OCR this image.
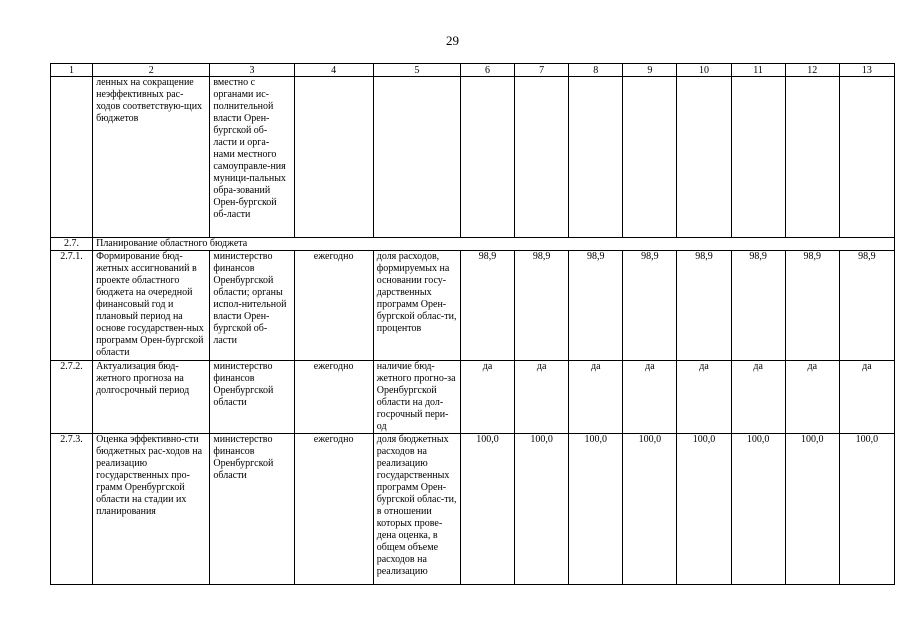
29
1	2	3	4	5	6	7	8	9	10	11	12	13
	ленных на сокращение неэффективных рас-ходов соответствую-щих бюджетов	вместно с органами ис-полнительной власти Орен-бургской об-ласти и орга-нами местного самоуправле-ния муници-пальных обра-зований Орен-бургской об-ласти										
2.7.	Планирование областного бюджета											
2.7.1.	Формирование бюд-жетных ассигнований в проекте областного бюджета на очередной финансовый год и плановый период на основе государствен-ных программ Орен-бургской области	министерство финансов Оренбургской области; органы испол-нительной власти Орен-бургской об-ласти	ежегодно	доля расходов, формируемых на основании госу-дарственных программ Орен-бургской облас-ти, процентов	98,9	98,9	98,9	98,9	98,9	98,9	98,9	98,9
2.7.2.	Актуализация бюд-жетного прогноза на долгосрочный период	министерство финансов Оренбургской области	ежегодно	наличие бюд-жетного прогно-за Оренбургской области на дол-госрочный пери-од	да	да	да	да	да	да	да	да
2.7.3.	Оценка эффективно-сти бюджетных рас-ходов на реализацию государственных про-грамм Оренбургской области на стадии их планирования	министерство финансов Оренбургской области	ежегодно	доля бюджетных расходов на реализацию государственных программ Орен-бургской облас-ти, в отношении которых прове-дена оценка, в общем объеме расходов на реализацию	100,0	100,0	100,0	100,0	100,0	100,0	100,0	100,0
